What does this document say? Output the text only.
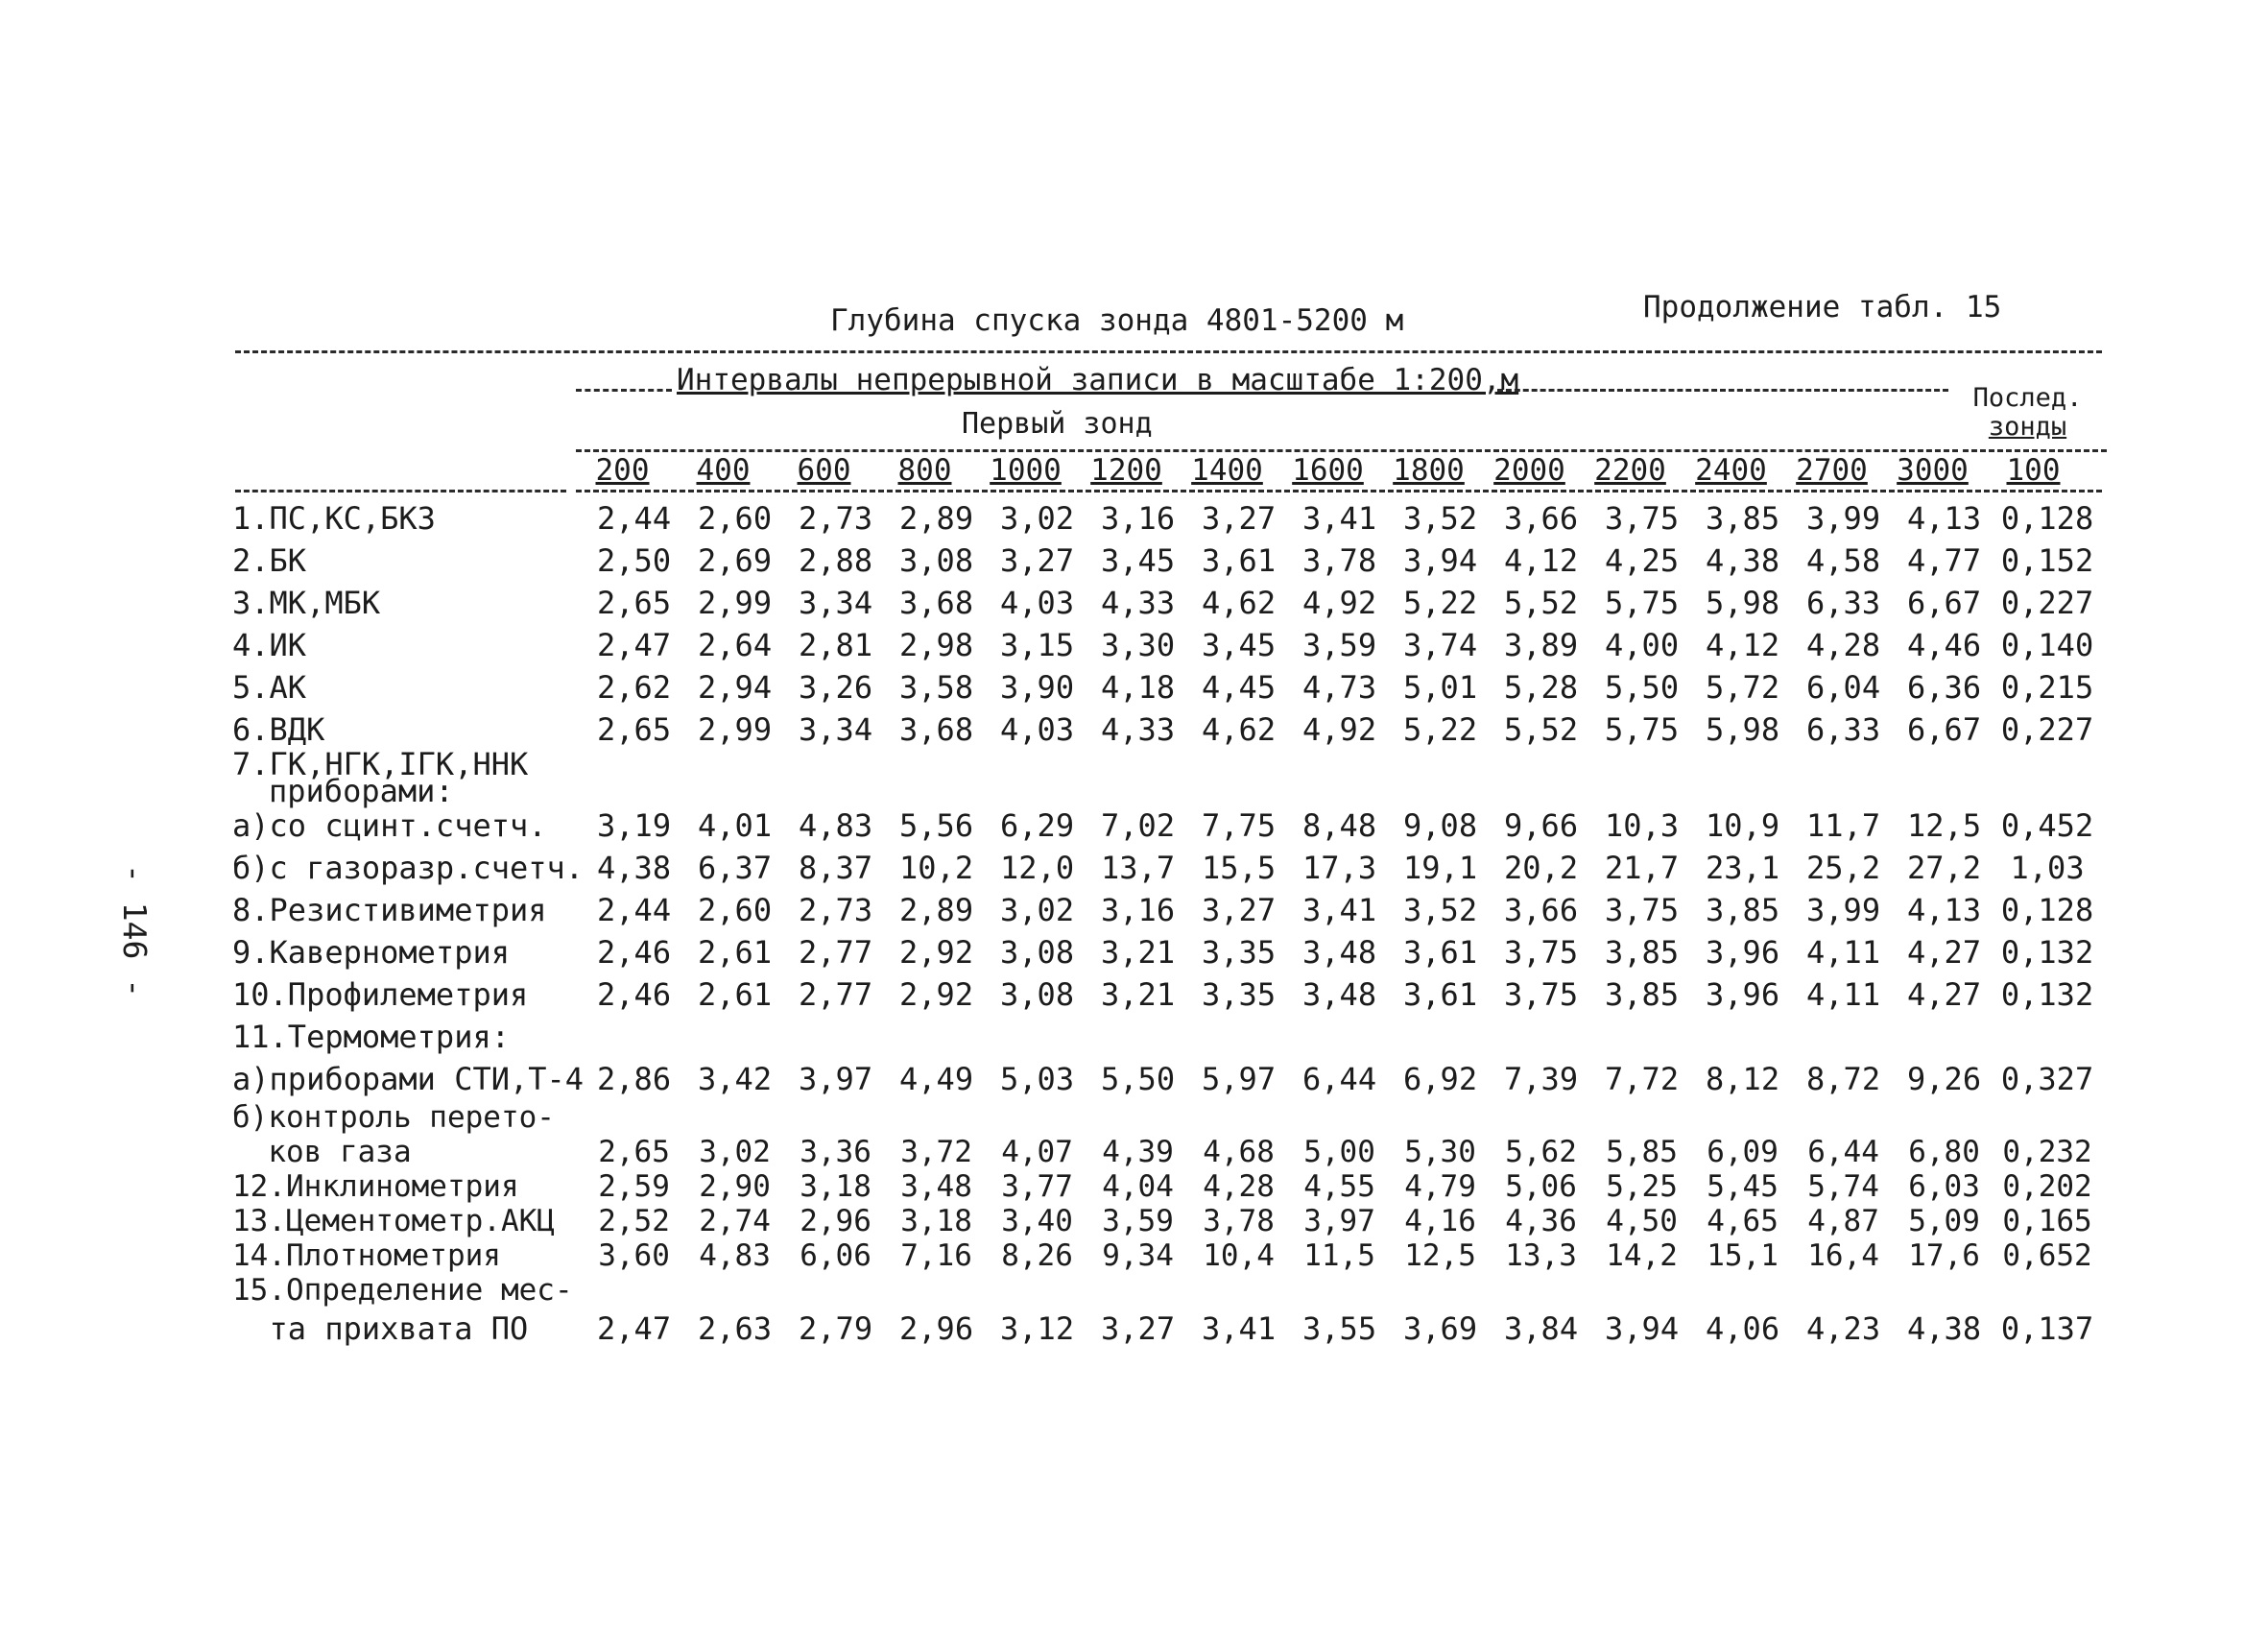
Глубина спуска зонда 4801-5200 м	Продолжение табл. 15
- 146 -
Интервалы непрерывной записи в масштабе 1:200,м
Первый зонд
Послед.
зонды
200	400	600	800	1000 1200 1400 1600 1800 2000 2200 2400 2700 3000	100
1.ПС,КС,БКЗ	2,44	2,60	2,73	2,89	3,02	3,16	3,27	3,41	3,52	3,66	3,75	3,85	3,99	4,13	0,128

2.БК	2,50	2,69	2,88	3,08	3,27	3,45	3,61	3,78	3,94	4,12	4,25	4,38	4,58	4,77	0,152

3.МК,МБК	2,65	2,99	3,34	3,68	4,03	4,33	4,62	4,92	5,22	5,52	5,75	5,98	6,33	6,67	0,227

4.ИК	2,47	2,64	2,81	2,98	3,15	3,30	3,45	3,59	3,74	3,89	4,00	4,12	4,28	4,46	0,140

5.АК	2,62	2,94	3,26	3,58	3,90	4,18	4,45	4,73	5,01	5,28	5,50	5,72	6,04	6,36	0,215

6.ВДК	2,65	2,99	3,34	3,68	4,03	4,33	4,62	4,92	5,22	5,52	5,75	5,98	6,33	6,67	0,227

7.ГК,НГК,ІГК,ННК
приборами:															

а)со сцинт.счетч.	3,19	4,01	4,83	5,56	6,29	7,02	7,75	8,48	9,08	9,66	10,3	10,9	11,7	12,5	0,452

б)с газоразр.счетч.	4,38	6,37	8,37	10,2	12,0	13,7	15,5	17,3	19,1	20,2	21,7	23,1	25,2	27,2	1,03

8.Резистивиметрия	2,44	2,60	2,73	2,89	3,02	3,16	3,27	3,41	3,52	3,66	3,75	3,85	3,99	4,13	0,128

9.Кавернометрия	2,46	2,61	2,77	2,92	3,08	3,21	3,35	3,48	3,61	3,75	3,85	3,96	4,11	4,27	0,132

10.Профилеметрия	2,46	2,61	2,77	2,92	3,08	3,21	3,35	3,48	3,61	3,75	3,85	3,96	4,11	4,27	0,132

11.Термометрия:															

а)приборами СТИ,Т-4	2,86	3,42	3,97	4,49	5,03	5,50	5,97	6,44	6,92	7,39	7,72	8,12	8,72	9,26	0,327

б)контроль перето-															

ков газа	2,65	3,02	3,36	3,72	4,07	4,39	4,68	5,00	5,30	5,62	5,85	6,09	6,44	6,80	0,232

12.Инклинометрия	2,59	2,90	3,18	3,48	3,77	4,04	4,28	4,55	4,79	5,06	5,25	5,45	5,74	6,03	0,202

13.Цементометр.АКЦ	2,52	2,74	2,96	3,18	3,40	3,59	3,78	3,97	4,16	4,36	4,50	4,65	4,87	5,09	0,165

14.Плотнометрия	3,60	4,83	6,06	7,16	8,26	9,34	10,4	11,5	12,5	13,3	14,2	15,1	16,4	17,6	0,652

15.Определение мес-															

та прихвата ПО	2,47	2,63	2,79	2,96	3,12	3,27	3,41	3,55	3,69	3,84	3,94	4,06	4,23	4,38	0,137
